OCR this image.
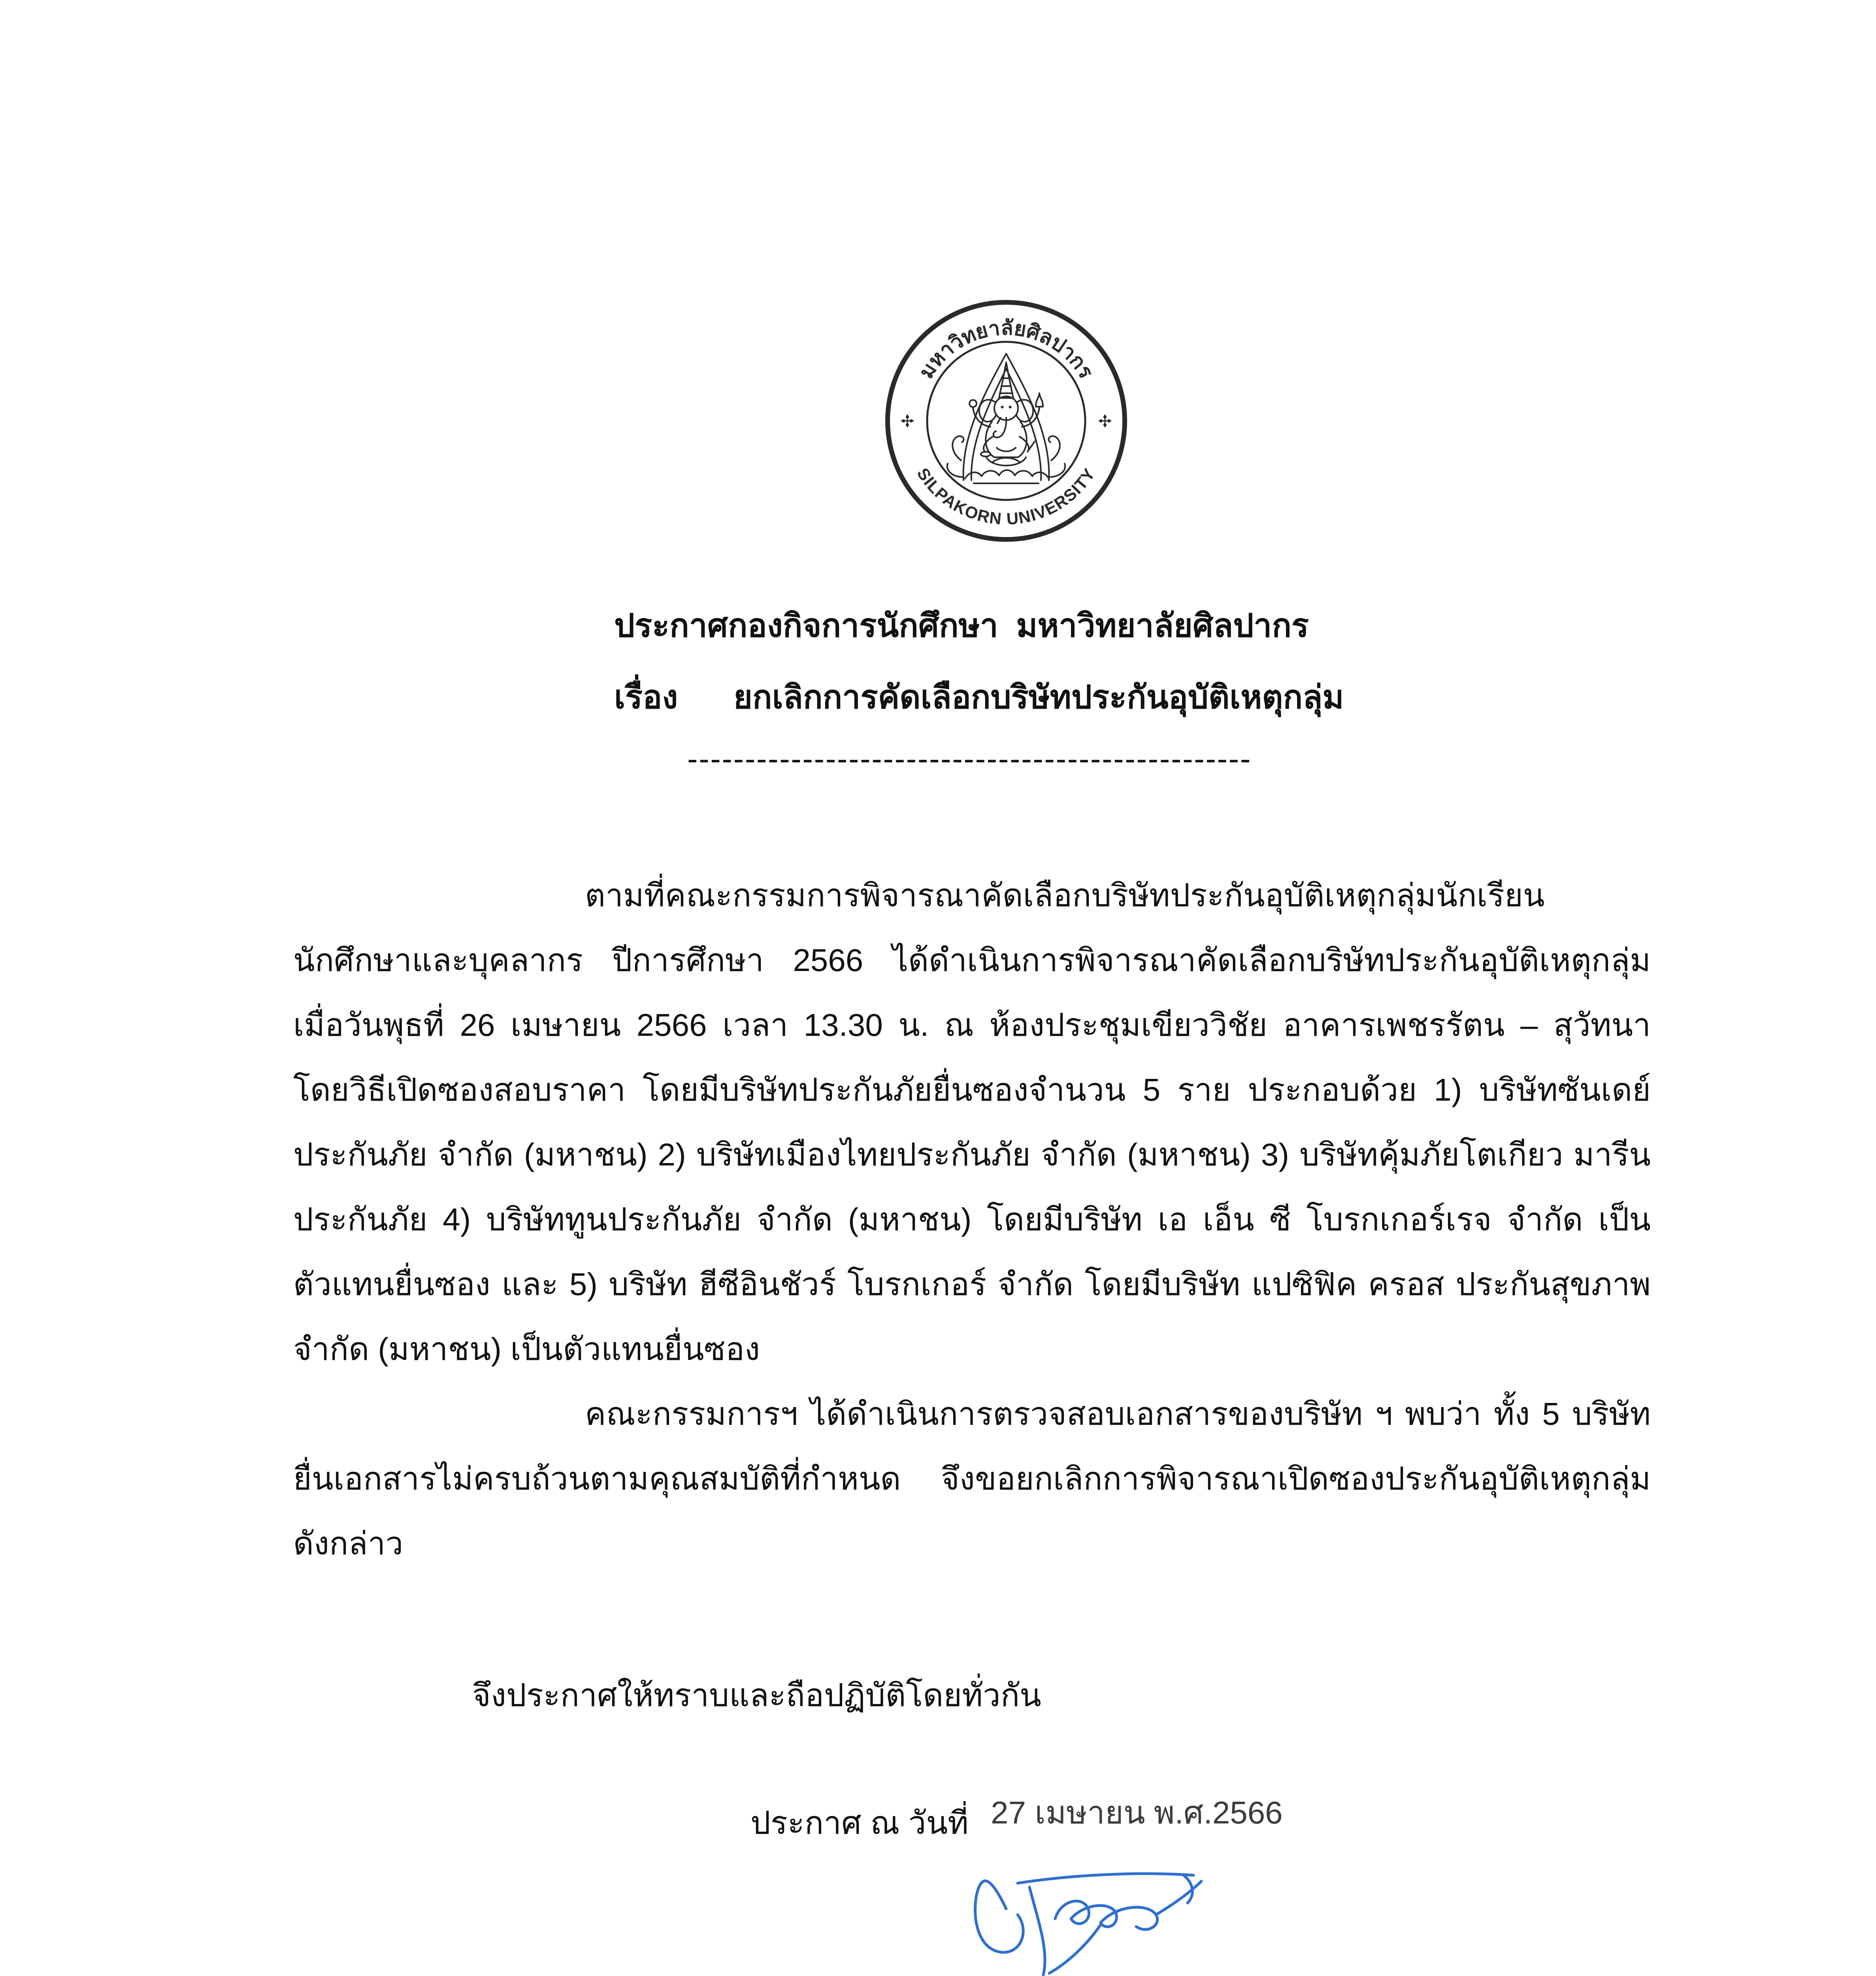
มหาวิทยาลัยศิลปากร
SILPAKORN UNIVERSITY
ประกาศกองกิจการนักศึกษา  มหาวิทยาลัยศิลปากร
เรื่อง ยกเลิกการคัดเลือกบริษัทประกันอุบัติเหตุกลุ่ม
-------------------------------------------------
ตามที่คณะกรรมการพิจารณาคัดเลือกบริษัทประกันอุบัติเหตุกลุ่มนักเรียน
นักศึกษาและบุคลากร ปีการศึกษา 2566 ได้ดำเนินการพิจารณาคัดเลือกบริษัทประกันอุบัติเหตุกลุ่ม
เมื่อวันพุธที่ 26 เมษายน 2566 เวลา 13.30 น. ณ ห้องประชุมเขียววิชัย อาคารเพชรรัตน – สุวัทนา
โดยวิธีเปิดซองสอบราคา โดยมีบริษัทประกันภัยยื่นซองจำนวน 5 ราย ประกอบด้วย 1) บริษัทซันเดย์
ประกันภัย จำกัด (มหาชน) 2) บริษัทเมืองไทยประกันภัย จำกัด (มหาชน) 3) บริษัทคุ้มภัยโตเกียว มารีน
ประกันภัย 4) บริษัททูนประกันภัย จำกัด (มหาชน) โดยมีบริษัท เอ เอ็น ซี โบรกเกอร์เรจ จำกัด เป็น
ตัวแทนยื่นซอง และ 5) บริษัท ฮีซีอินชัวร์ โบรกเกอร์ จำกัด โดยมีบริษัท แปซิฟิค ครอส ประกันสุขภาพ
จำกัด (มหาชน) เป็นตัวแทนยื่นซอง
คณะกรรมการฯ ได้ดำเนินการตรวจสอบเอกสารของบริษัท ฯ พบว่า ทั้ง 5 บริษัท
ยื่นเอกสารไม่ครบถ้วนตามคุณสมบัติที่กำหนด จึงขอยกเลิกการพิจารณาเปิดซองประกันอุบัติเหตุกลุ่ม
ดังกล่าว
จึงประกาศให้ทราบและถือปฏิบัติโดยทั่วกัน
ประกาศ ณ วันที่ 27 เมษายน พ.ศ.2566
